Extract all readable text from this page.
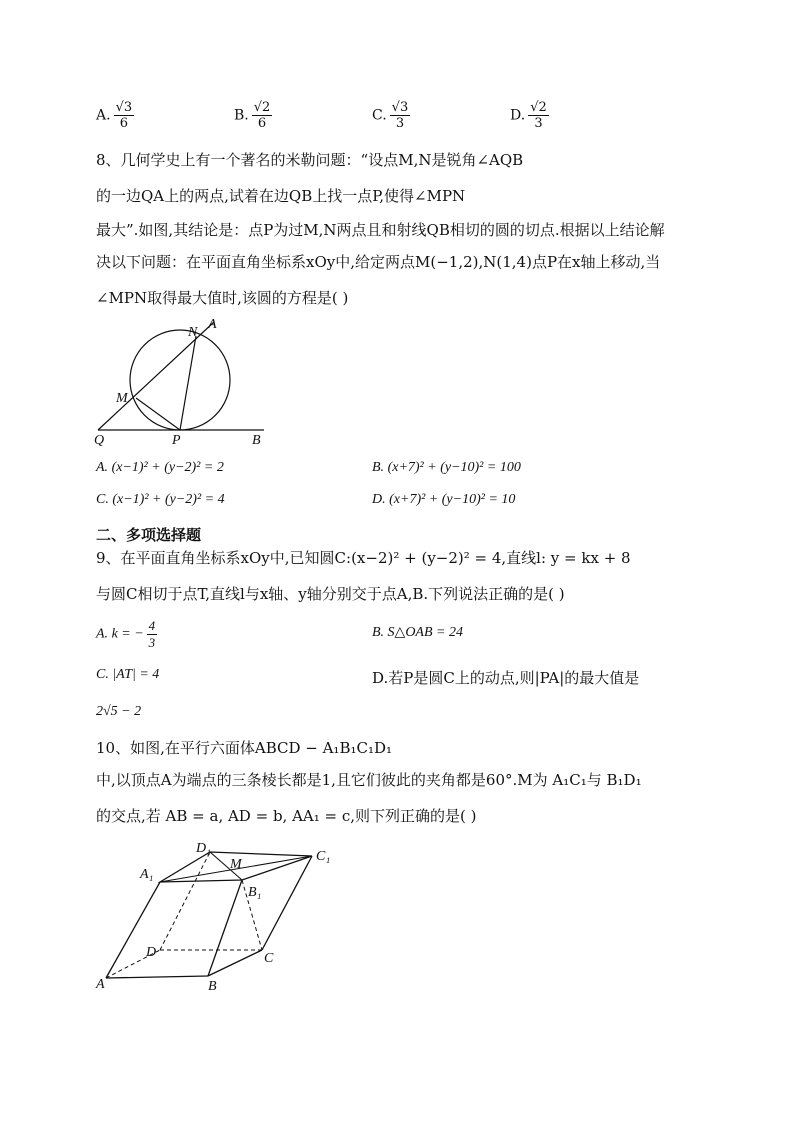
A. $\frac{√3}{6}$	B. $\frac{√2}{6}$	C. $\frac{√3}{3}$	D. $\frac{√2}{3}$
8、几何学史上有一个著名的米勒问题：“设点M,N是锐角∠AQB
的一边QA上的两点,试着在边QB上找一点P,使得∠MPN
最大”.如图,其结论是：点P为过M,N两点且和射线QB相切的圆的切点.根据以上结论解
决以下问题：在平面直角坐标系xOy中,给定两点M(−1,2),N(1,4)点P在x轴上移动,当
∠MPN取得最大值时,该圆的方程是( )
N
A
M
Q	P	B
A. (x−1)² + (y−2)² = 2	B. (x+7)² + (y−10)² = 100
C. (x−1)² + (y−2)² = 4	D. (x+7)² + (y−10)² = 10
二、多项选择题
9、在平面直角坐标系xOy中,已知圆C:(x−2)² + (y−2)² = 4,直线l: y = kx + 8
与圆C相切于点T,直线l与x轴、y轴分别交于点A,B.下列说法正确的是( )
A. k = − $\frac{4}{3}$	B. S△OAB = 24
C. |AT| = 4	D.若P是圆C上的动点,则|PA|的最大值是
2√5 − 2
10、如图,在平行六面体ABCD − A₁B₁C₁D₁
中,以顶点A为端点的三条棱长都是1,且它们彼此的夹角都是60°.M为 A₁C₁与 B₁D₁
的交点,若 AB = a, AD = b, AA₁ = c,则下列正确的是( )
D₁
M
C₁
A₁
B₁
D	C
A	B
